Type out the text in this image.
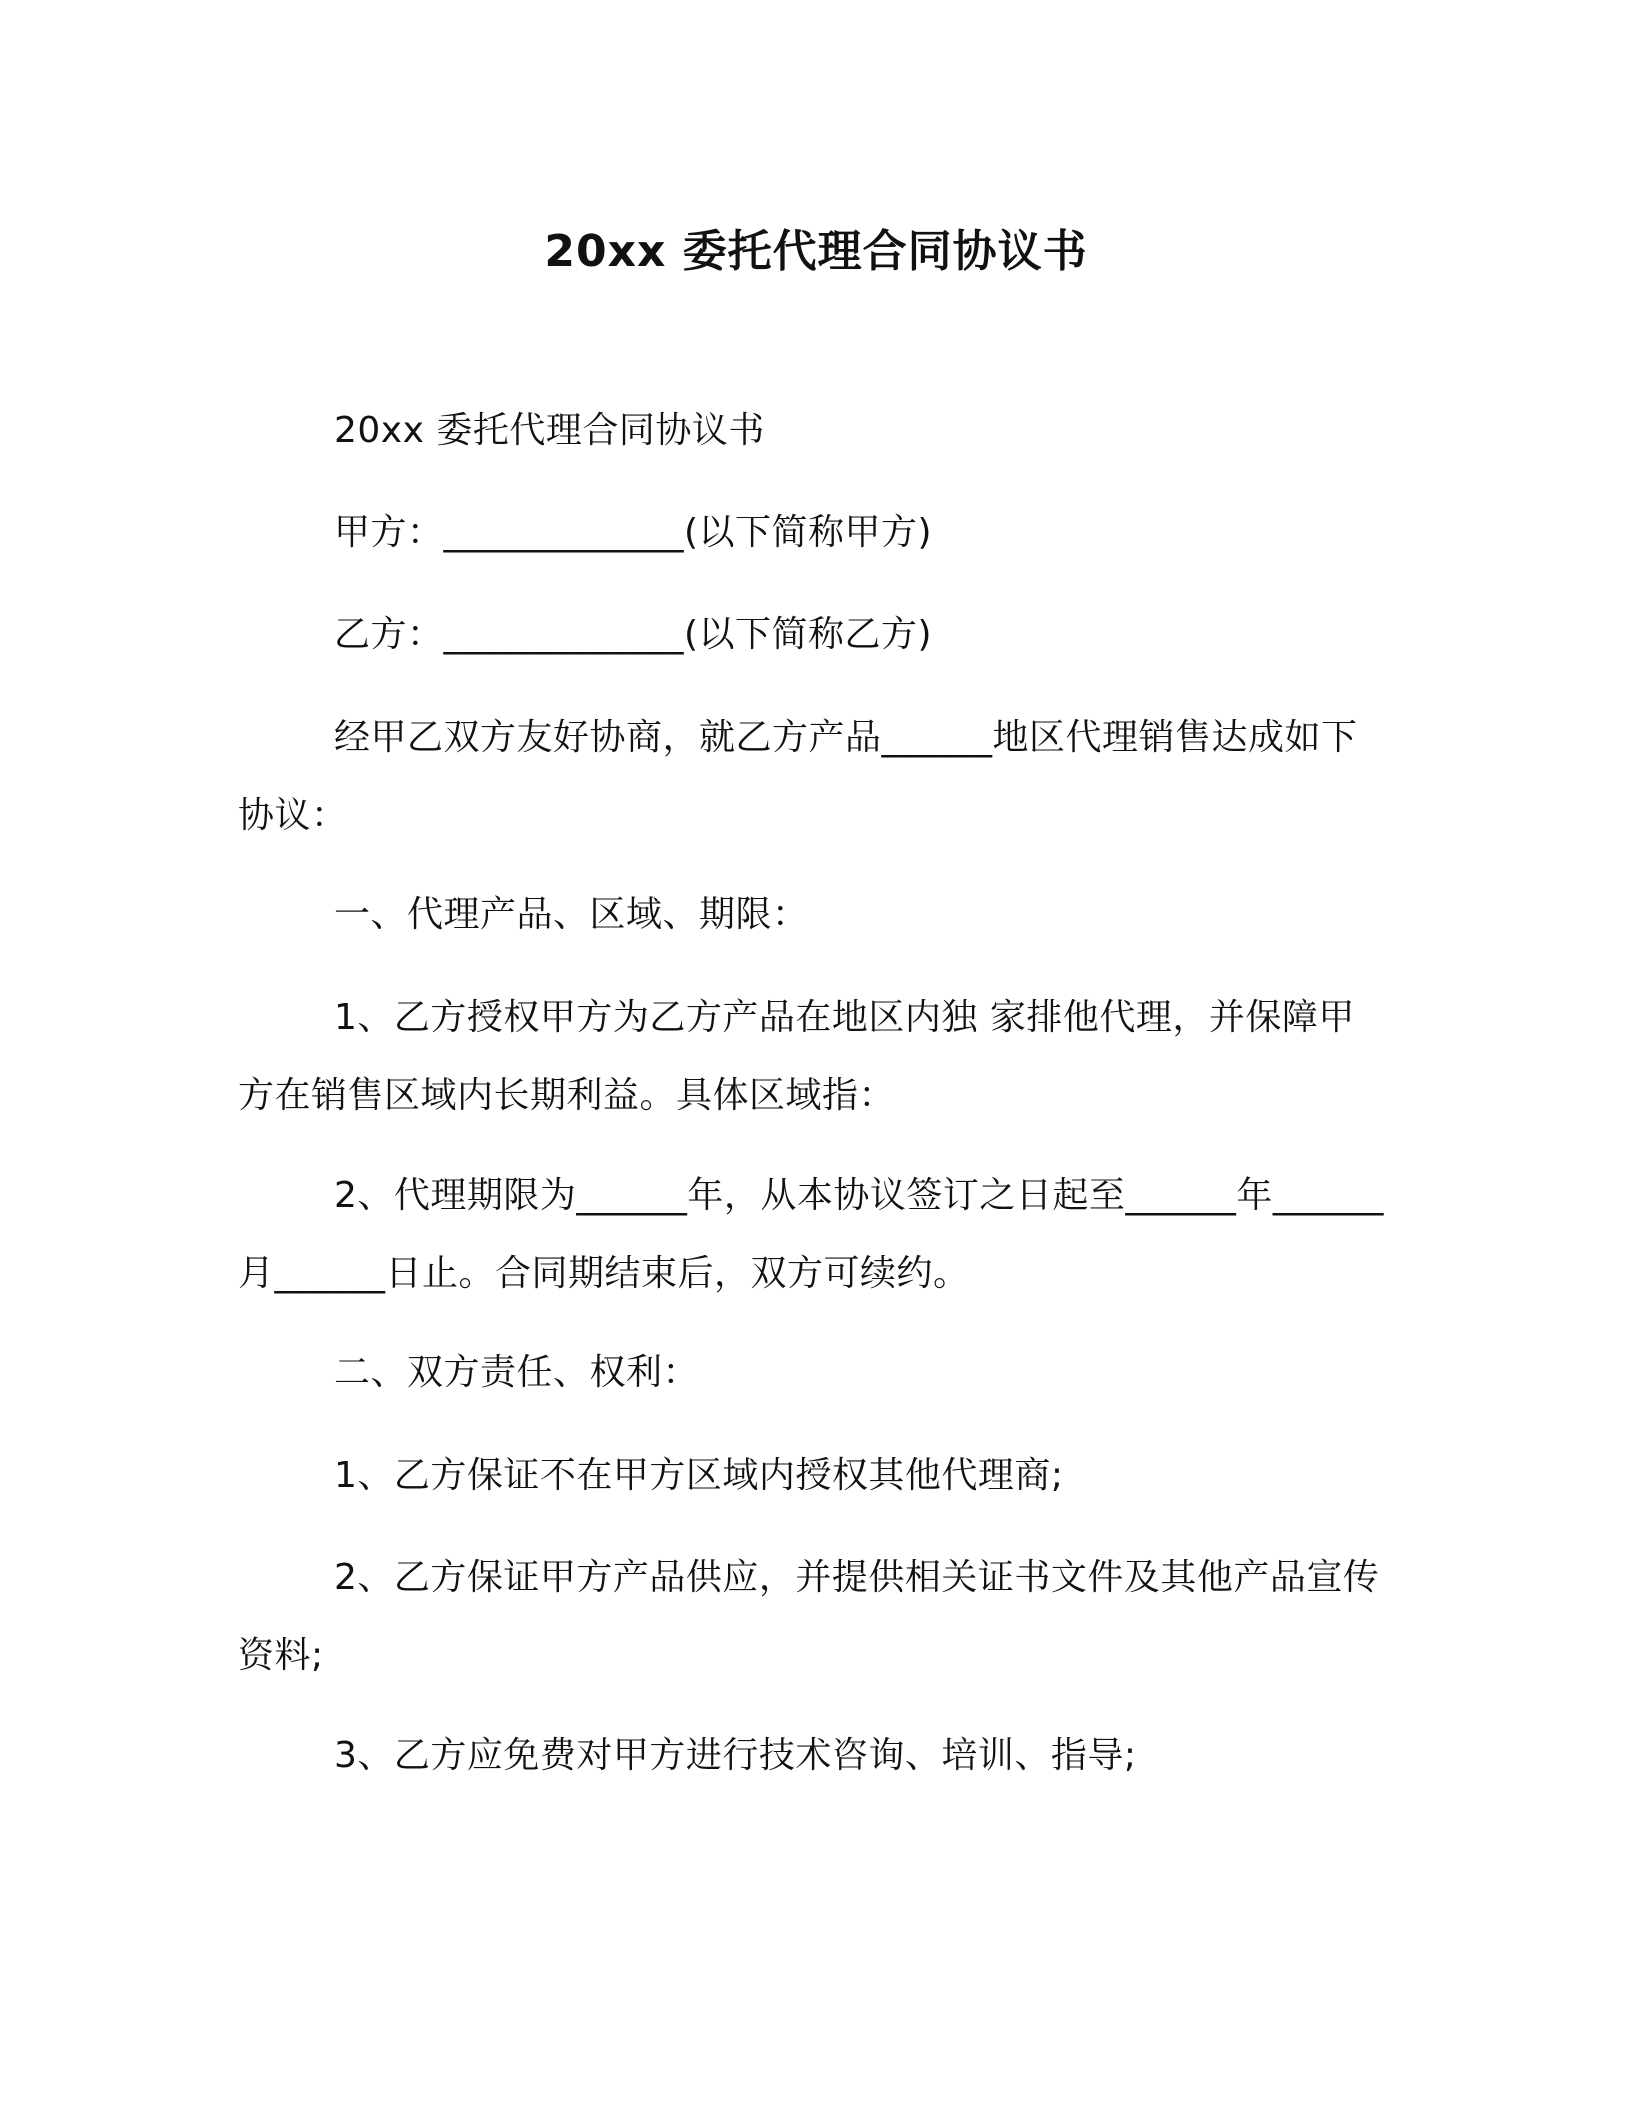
20xx 委托代理合同协议书
20xx 委托代理合同协议书
甲方：_____________(以下简称甲方)
乙方：_____________(以下简称乙方)
经甲乙双方友好协商，就乙方产品______地区代理销售达成如下协议：
一、代理产品、区域、期限：
1、乙方授权甲方为乙方产品在地区内独 家排他代理，并保障甲方在销售区域内长期利益。具体区域指：
2、代理期限为______年，从本协议签订之日起至______年______月______日止。合同期结束后，双方可续约。
二、双方责任、权利：
1、乙方保证不在甲方区域内授权其他代理商;
2、乙方保证甲方产品供应，并提供相关证书文件及其他产品宣传资料;
3、乙方应免费对甲方进行技术咨询、培训、指导;
